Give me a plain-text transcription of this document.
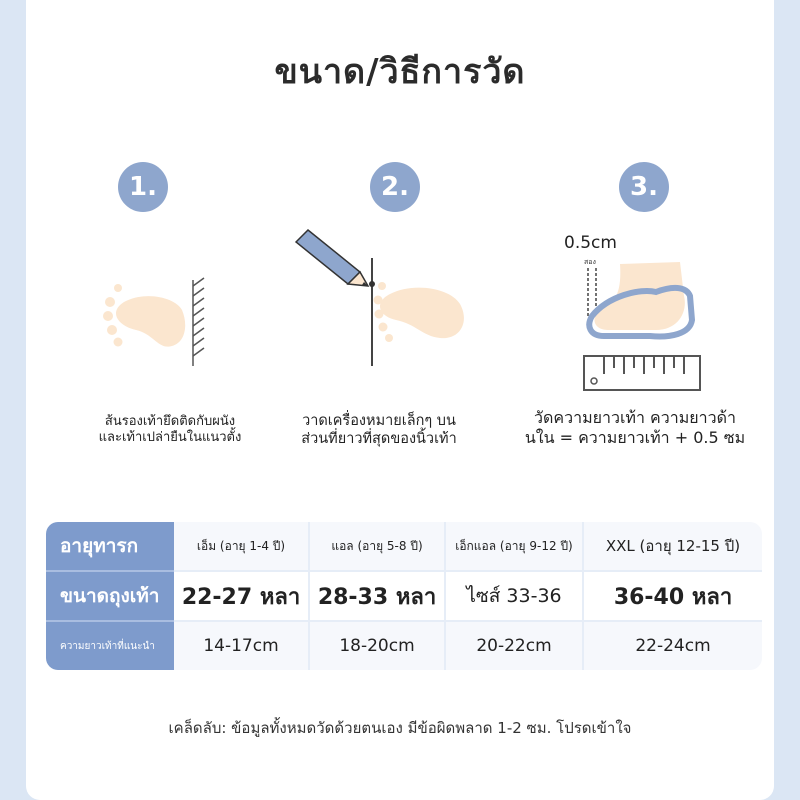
ขนาด/วิธีการวัด
1.
ส้นรองเท้ายึดติดกับผนัง
และเท้าเปล่ายืนในแนวตั้ง
2.
วาดเครื่องหมายเล็กๆ บน
ส่วนที่ยาวที่สุดของนิ้วเท้า
3.
0.5cm
สอง
วัดความยาวเท้า ความยาวด้า
นใน = ความยาวเท้า + 0.5 ซม
อายุทารก	เอ็ม (อายุ 1-4 ปี)	แอล (อายุ 5-8 ปี)	เอ็กแอล (อายุ 9-12 ปี)	XXL (อายุ 12-15 ปี)
ขนาดถุงเท้า	22-27 หลา	28-33 หลา	ไซส์ 33-36	36-40 หลา
ความยาวเท้าที่แนะนำ	14-17cm	18-20cm	20-22cm	22-24cm
เคล็ดลับ: ข้อมูลทั้งหมดวัดด้วยตนเอง มีข้อผิดพลาด 1-2 ซม. โปรดเข้าใจ
